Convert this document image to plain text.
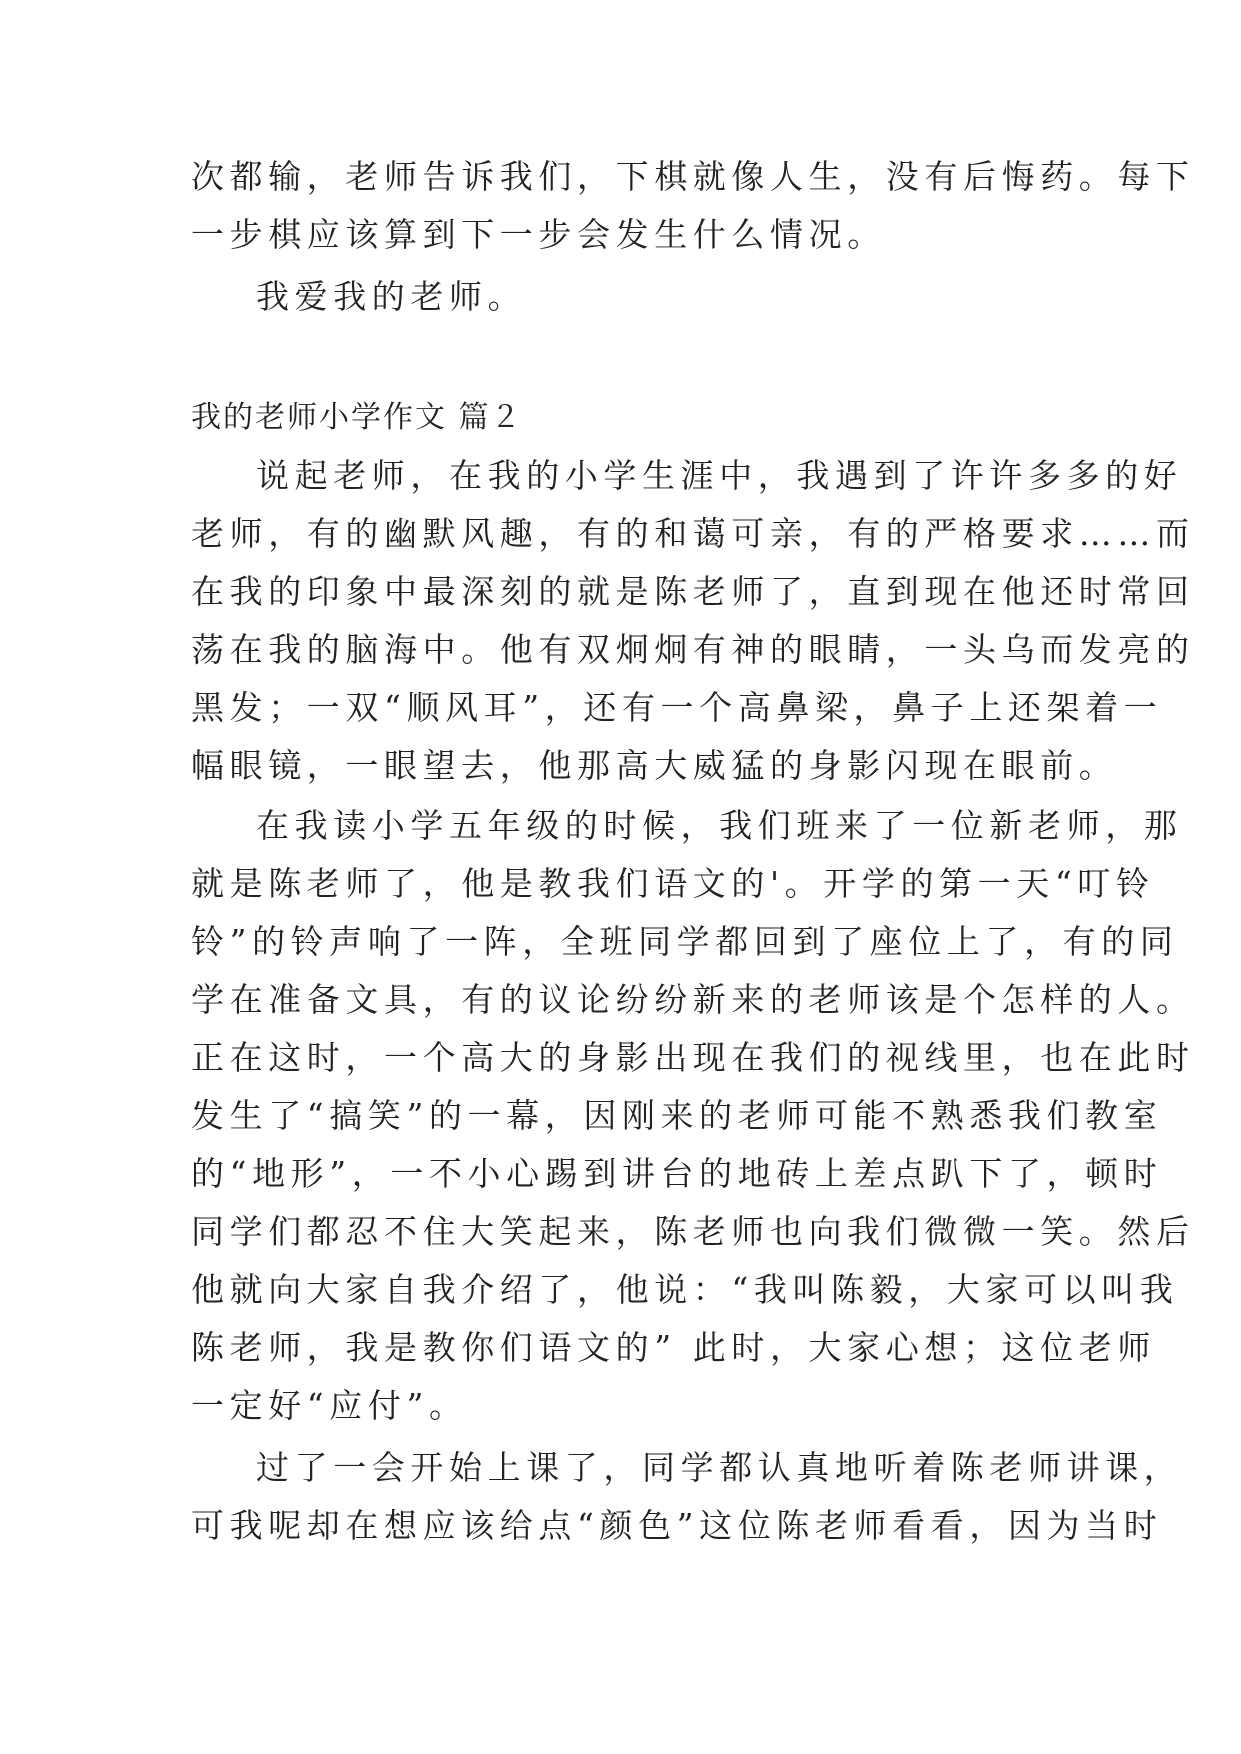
次都输，老师告诉我们，下棋就像人生，没有后悔药。每下
一步棋应该算到下一步会发生什么情况。
我爱我的老师。
我的老师小学作文 篇２
说起老师，在我的小学生涯中，我遇到了许许多多的好
老师，有的幽默风趣，有的和蔼可亲，有的严格要求……而
在我的印象中最深刻的就是陈老师了，直到现在他还时常回
荡在我的脑海中。他有双炯炯有神的眼睛，一头乌而发亮的
黑发；一双“顺风耳”，还有一个高鼻梁，鼻子上还架着一
幅眼镜，一眼望去，他那高大威猛的身影闪现在眼前。
在我读小学五年级的时候，我们班来了一位新老师，那
就是陈老师了，他是教我们语文的'。开学的第一天“叮铃
铃”的铃声响了一阵，全班同学都回到了座位上了，有的同
学在准备文具，有的议论纷纷新来的老师该是个怎样的人。
正在这时，一个高大的身影出现在我们的视线里，也在此时
发生了“搞笑”的一幕，因刚来的老师可能不熟悉我们教室
的“地形”，一不小心踢到讲台的地砖上差点趴下了，顿时
同学们都忍不住大笑起来，陈老师也向我们微微一笑。然后
他就向大家自我介绍了，他说：“我叫陈毅，大家可以叫我
陈老师，我是教你们语文的” 此时，大家心想；这位老师
一定好“应付”。
过了一会开始上课了，同学都认真地听着陈老师讲课，
可我呢却在想应该给点“颜色”这位陈老师看看，因为当时
